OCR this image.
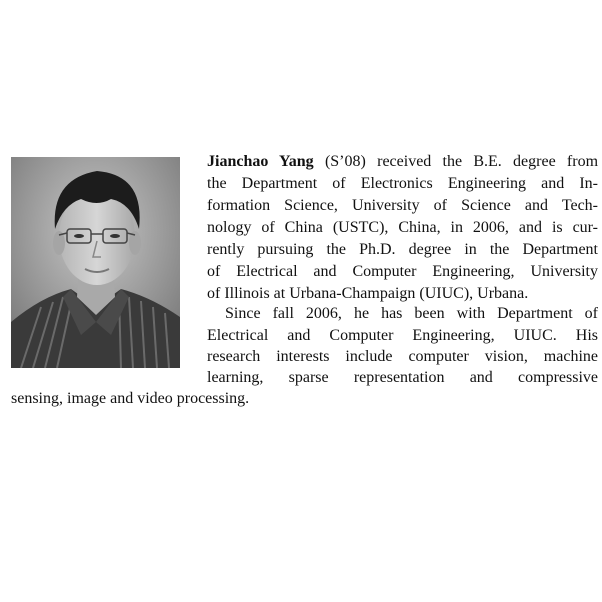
Jianchao Yang (S’08) received the B.E. degree from
the Department of Electronics Engineering and In-
formation Science, University of Science and Tech-
nology of China (USTC), China, in 2006, and is cur-
rently pursuing the Ph.D. degree in the Department
of Electrical and Computer Engineering, University
of Illinois at Urbana-Champaign (UIUC), Urbana.
Since fall 2006, he has been with Department of
Electrical and Computer Engineering, UIUC. His
research interests include computer vision, machine
learning, sparse representation and compressive
sensing, image and video processing.
